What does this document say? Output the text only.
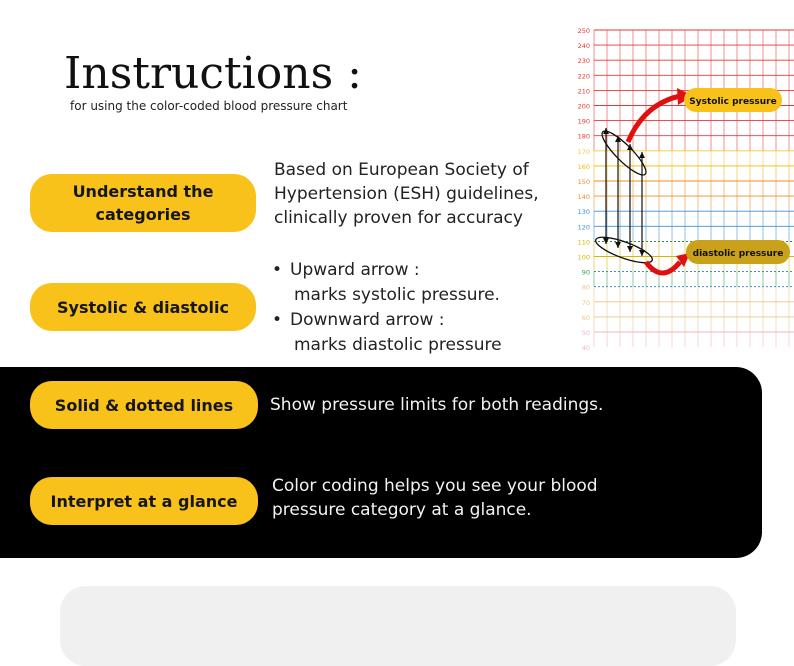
Instructions :
for using the color-coded blood pressure chart
Understand the categories
Based on European Society of
Hypertension (ESH) guidelines,
clinically proven for accuracy
Systolic & diastolic
• Upward arrow :
marks systolic pressure.
• Downward arrow :
marks diastolic pressure
Solid & dotted lines Show pressure limits for both readings.
Interpret at a glance
Color coding helps you see your blood
pressure category at a glance.
250
240
230
220
210
200
190
180
170
160
150
140
130
120
110
100
90
80
70
60
50
40
Systolic pressure
diastolic pressure
